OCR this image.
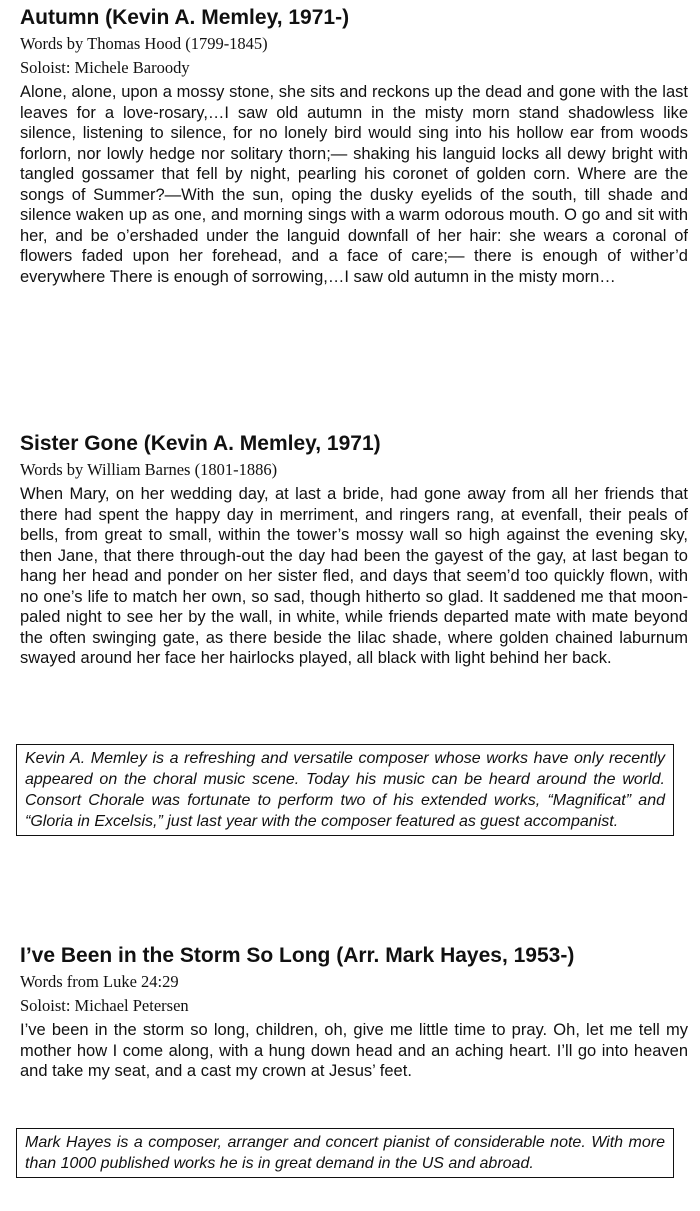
Autumn (Kevin A. Memley, 1971-)

Words by Thomas Hood (1799-1845)

Soloist: Michele Baroody

Alone, alone, upon a mossy stone, she sits and reckons up the dead and gone with the last leaves for a love-rosary,…I saw old autumn in the misty morn stand shadowless like silence, listening to silence, for no lonely bird would sing into his hollow ear from woods forlorn, nor lowly hedge nor solitary thorn;— shaking his languid locks all dewy bright with tangled gossamer that fell by night, pearling his coronet of golden corn. Where are the songs of Summer?—With the sun, oping the dusky eyelids of the south, till shade and silence waken up as one, and morning sings with a warm odorous mouth. O go and sit with her, and be o’ershaded under the languid downfall of her hair: she wears a coronal of flowers faded upon her forehead, and a face of care;— there is enough of wither’d everywhere There is enough of sorrowing,…I saw old autumn in the misty morn…

Sister Gone (Kevin A. Memley, 1971)

Words by William Barnes (1801-1886)

When Mary, on her wedding day, at last a bride, had gone away from all her friends that there had spent the happy day in merriment, and ringers rang, at evenfall, their peals of bells, from great to small, within the tower’s mossy wall so high against the evening sky, then Jane, that there through-out the day had been the gayest of the gay, at last began to hang her head and ponder on her sister fled, and days that seem’d too quickly flown, with no one’s life to match her own, so sad, though hitherto so glad. It saddened me that moon-paled night to see her by the wall, in white, while friends departed mate with mate beyond the often swinging gate, as there beside the lilac shade, where golden chained laburnum swayed around her face her hairlocks played, all black with light behind her back.

Kevin A. Memley is a refreshing and versatile composer whose works have only recently appeared on the choral music scene. Today his music can be heard around the world. Consort Chorale was fortunate to perform two of his extended works, “Magnificat” and “Gloria in Excelsis,” just last year with the composer featured as guest accompanist.
I’ve Been in the Storm So Long (Arr. Mark Hayes, 1953-)

Words from Luke 24:29

Soloist: Michael Petersen

I’ve been in the storm so long, children, oh, give me little time to pray. Oh, let me tell my mother how I come along, with a hung down head and an aching heart. I’ll go into heaven and take my seat, and a cast my crown at Jesus’ feet.

Mark Hayes is a composer, arranger and concert pianist of considerable note. With more than 1000 published works he is in great demand in the US and abroad.
